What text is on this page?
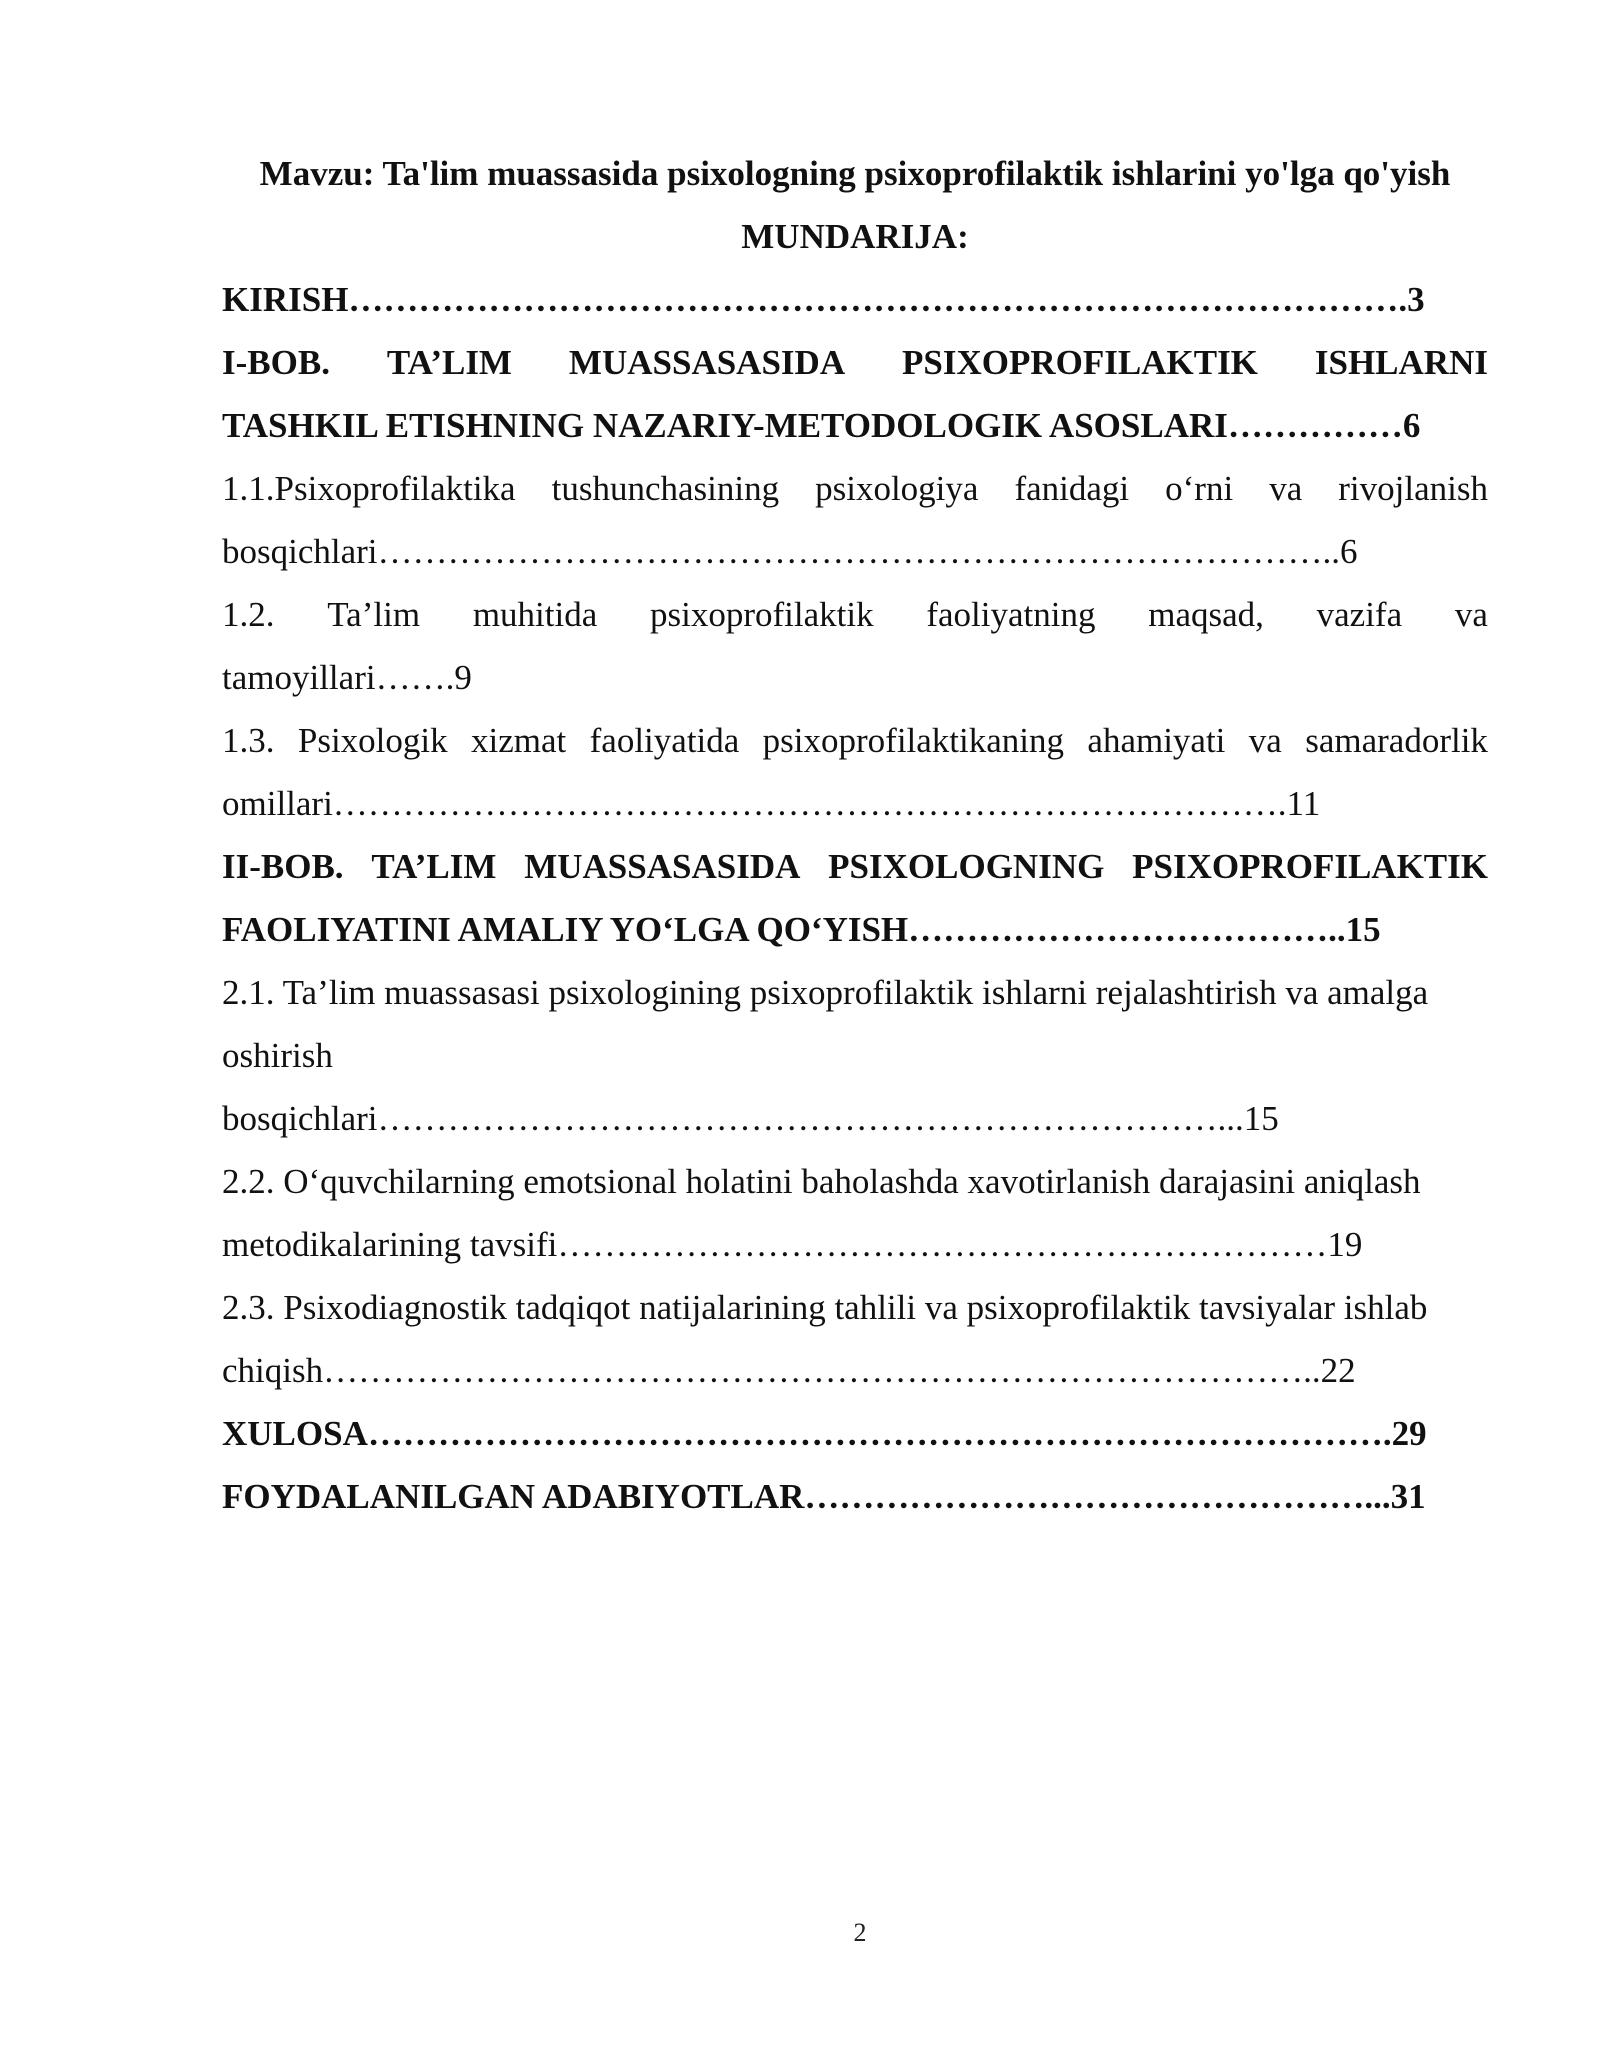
Mavzu: Ta'lim muassasida psixologning psixoprofilaktik ishlarini yo'lga qo'yish
MUNDARIJA:
KIRISH……………………………………………………………………………….3
I-BOB. TA’LIM MUASSASASIDA PSIXOPROFILAKTIK ISHLARNI
TASHKIL ETISHNING NAZARIY-METODOLOGIK ASOSLARI……………6
1.1.Psixoprofilaktika tushunchasining psixologiya fanidagi o‘rni va rivojlanish
bosqichlari………………………………………………………………………..6
1.2. Ta’lim muhitida psixoprofilaktik faoliyatning maqsad, vazifa va
tamoyillari…….9
1.3. Psixologik xizmat faoliyatida psixoprofilaktikaning ahamiyati va samaradorlik
omillari……………………………………………………………………….11
II-BOB. TA’LIM MUASSASASIDA PSIXOLOGNING PSIXOPROFILAKTIK
FAOLIYATINI AMALIY YO‘LGA QO‘YISH………………………………..15
2.1. Ta’lim muassasasi psixologining psixoprofilaktik ishlarni rejalashtirish va amalga
oshirish
bosqichlari………………………………………………………………...15
2.2. O‘quvchilarning emotsional holatini baholashda xavotirlanish darajasini aniqlash
metodikalarining tavsifi…………………………………………………………19
2.3. Psixodiagnostik tadqiqot natijalarining tahlili va psixoprofilaktik tavsiyalar ishlab
chiqish…………………………………………………………………………..22
XULOSA…………………………………………………………………………….29
FOYDALANILGAN ADABIYOTLAR…………………………………………...31
2
